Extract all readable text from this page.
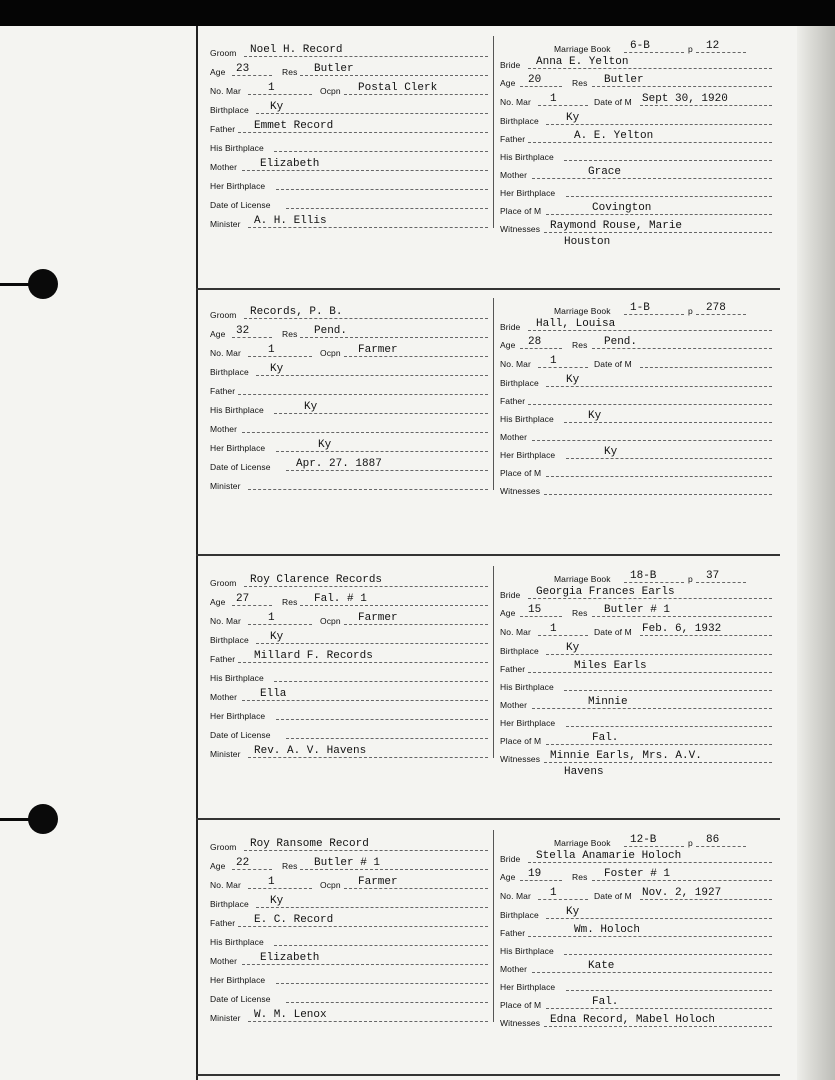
Groom Noel H. Record
Age 23	Res Butler
No. Mar 1	Ocpn Postal Clerk
Birthplace Ky
Father Emmet Record
His Birthplace
Mother Elizabeth
Her Birthplace
Date of License
Minister A. H. Ellis
Marriage Book 6-B	p 12
Bride Anna E. Yelton
Age 20	Res Butler
No. Mar 1	Date of M Sept 30, 1920
Birthplace Ky
Father	A. E. Yelton
His Birthplace
Mother	Grace
Her Birthplace
Place of M	Covington
Witnesses Raymond Rouse, Marie
Houston
Groom Records, P. B.
Age 32	Res Pend.
No. Mar 1	Ocpn Farmer
Birthplace Ky
Father
His Birthplace	Ky
Mother
Her Birthplace	Ky
Date of License Apr. 27. 1887
Minister
Marriage Book 1-B	p 278
Bride Hall, Louisa
Age 28	Res Pend.
No. Mar 1	Date of M
Birthplace Ky
Father
His Birthplace	Ky
Mother
Her Birthplace	Ky
Place of M
Witnesses
Groom Roy Clarence Records
Age 27	Res Fal. # 1
No. Mar 1	Ocpn Farmer
Birthplace Ky
Father Millard F. Records
His Birthplace
Mother Ella
Her Birthplace
Date of License
Minister Rev. A. V. Havens
Marriage Book 18-B	p 37
Bride Georgia Frances Earls
Age 15	Res Butler # 1
No. Mar 1	Date of M Feb. 6, 1932
Birthplace Ky
Father	Miles Earls
His Birthplace
Mother	Minnie
Her Birthplace
Place of M	Fal.
Witnesses Minnie Earls, Mrs. A.V.
Havens
Groom Roy Ransome Record
Age 22	Res Butler # 1
No. Mar 1	Ocpn Farmer
Birthplace Ky
Father E. C. Record
His Birthplace
Mother Elizabeth
Her Birthplace
Date of License
Minister W. M. Lenox
Marriage Book 12-B	p 86
Bride Stella Anamarie Holoch
Age 19	Res Foster # 1
No. Mar 1	Date of M Nov. 2, 1927
Birthplace Ky
Father	Wm. Holoch
His Birthplace
Mother	Kate
Her Birthplace
Place of M	Fal.
Witnesses Edna Record, Mabel Holoch
